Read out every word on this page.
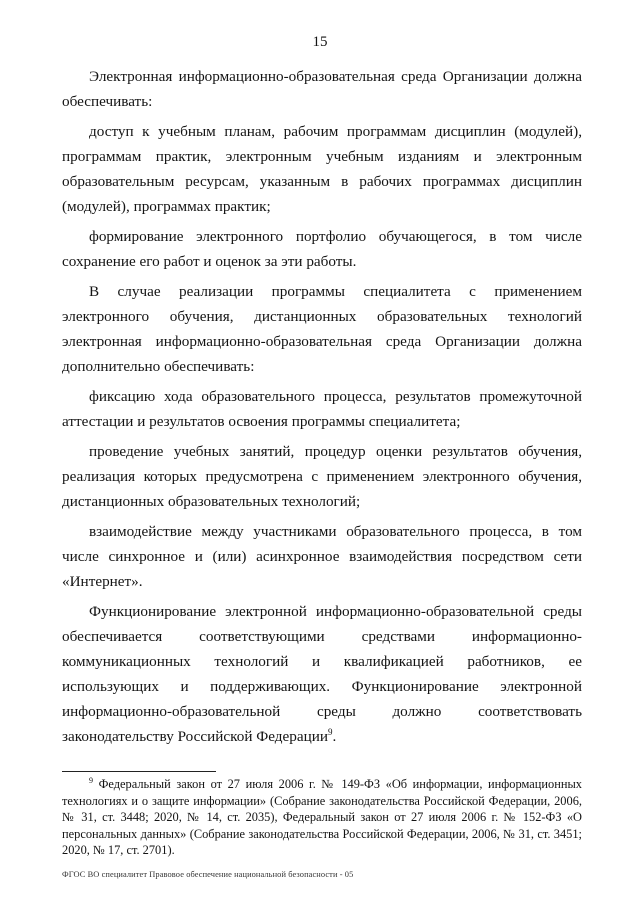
15

Электронная информационно-образовательная среда Организации должна обеспечивать:

доступ к учебным планам, рабочим программам дисциплин (модулей), программам практик, электронным учебным изданиям и электронным образовательным ресурсам, указанным в рабочих программах дисциплин (модулей), программах практик;

формирование электронного портфолио обучающегося, в том числе сохранение его работ и оценок за эти работы.

В случае реализации программы специалитета с применением электронного обучения, дистанционных образовательных технологий электронная информационно-образовательная среда Организации должна дополнительно обеспечивать:

фиксацию хода образовательного процесса, результатов промежуточной аттестации и результатов освоения программы специалитета;

проведение учебных занятий, процедур оценки результатов обучения, реализация которых предусмотрена с применением электронного обучения, дистанционных образовательных технологий;

взаимодействие между участниками образовательного процесса, в том числе синхронное и (или) асинхронное взаимодействия посредством сети «Интернет».

Функционирование электронной информационно-образовательной среды обеспечивается соответствующими средствами информационно-коммуникационных технологий и квалификацией работников, ее использующих и поддерживающих. Функционирование электронной информационно-образовательной среды должно соответствовать законодательству Российской Федерации$^9$.

$^9$ Федеральный закон от 27 июля 2006 г. № 149-ФЗ «Об информации, информационных технологиях и о защите информации» (Собрание законодательства Российской Федерации, 2006, № 31, ст. 3448; 2020, № 14, ст. 2035), Федеральный закон от 27 июля 2006 г. № 152-ФЗ «О персональных данных» (Собрание законодательства Российской Федерации, 2006, № 31, ст. 3451; 2020, № 17, ст. 2701).

ФГОС ВО специалитет Правовое обеспечение национальной безопасности - 05
